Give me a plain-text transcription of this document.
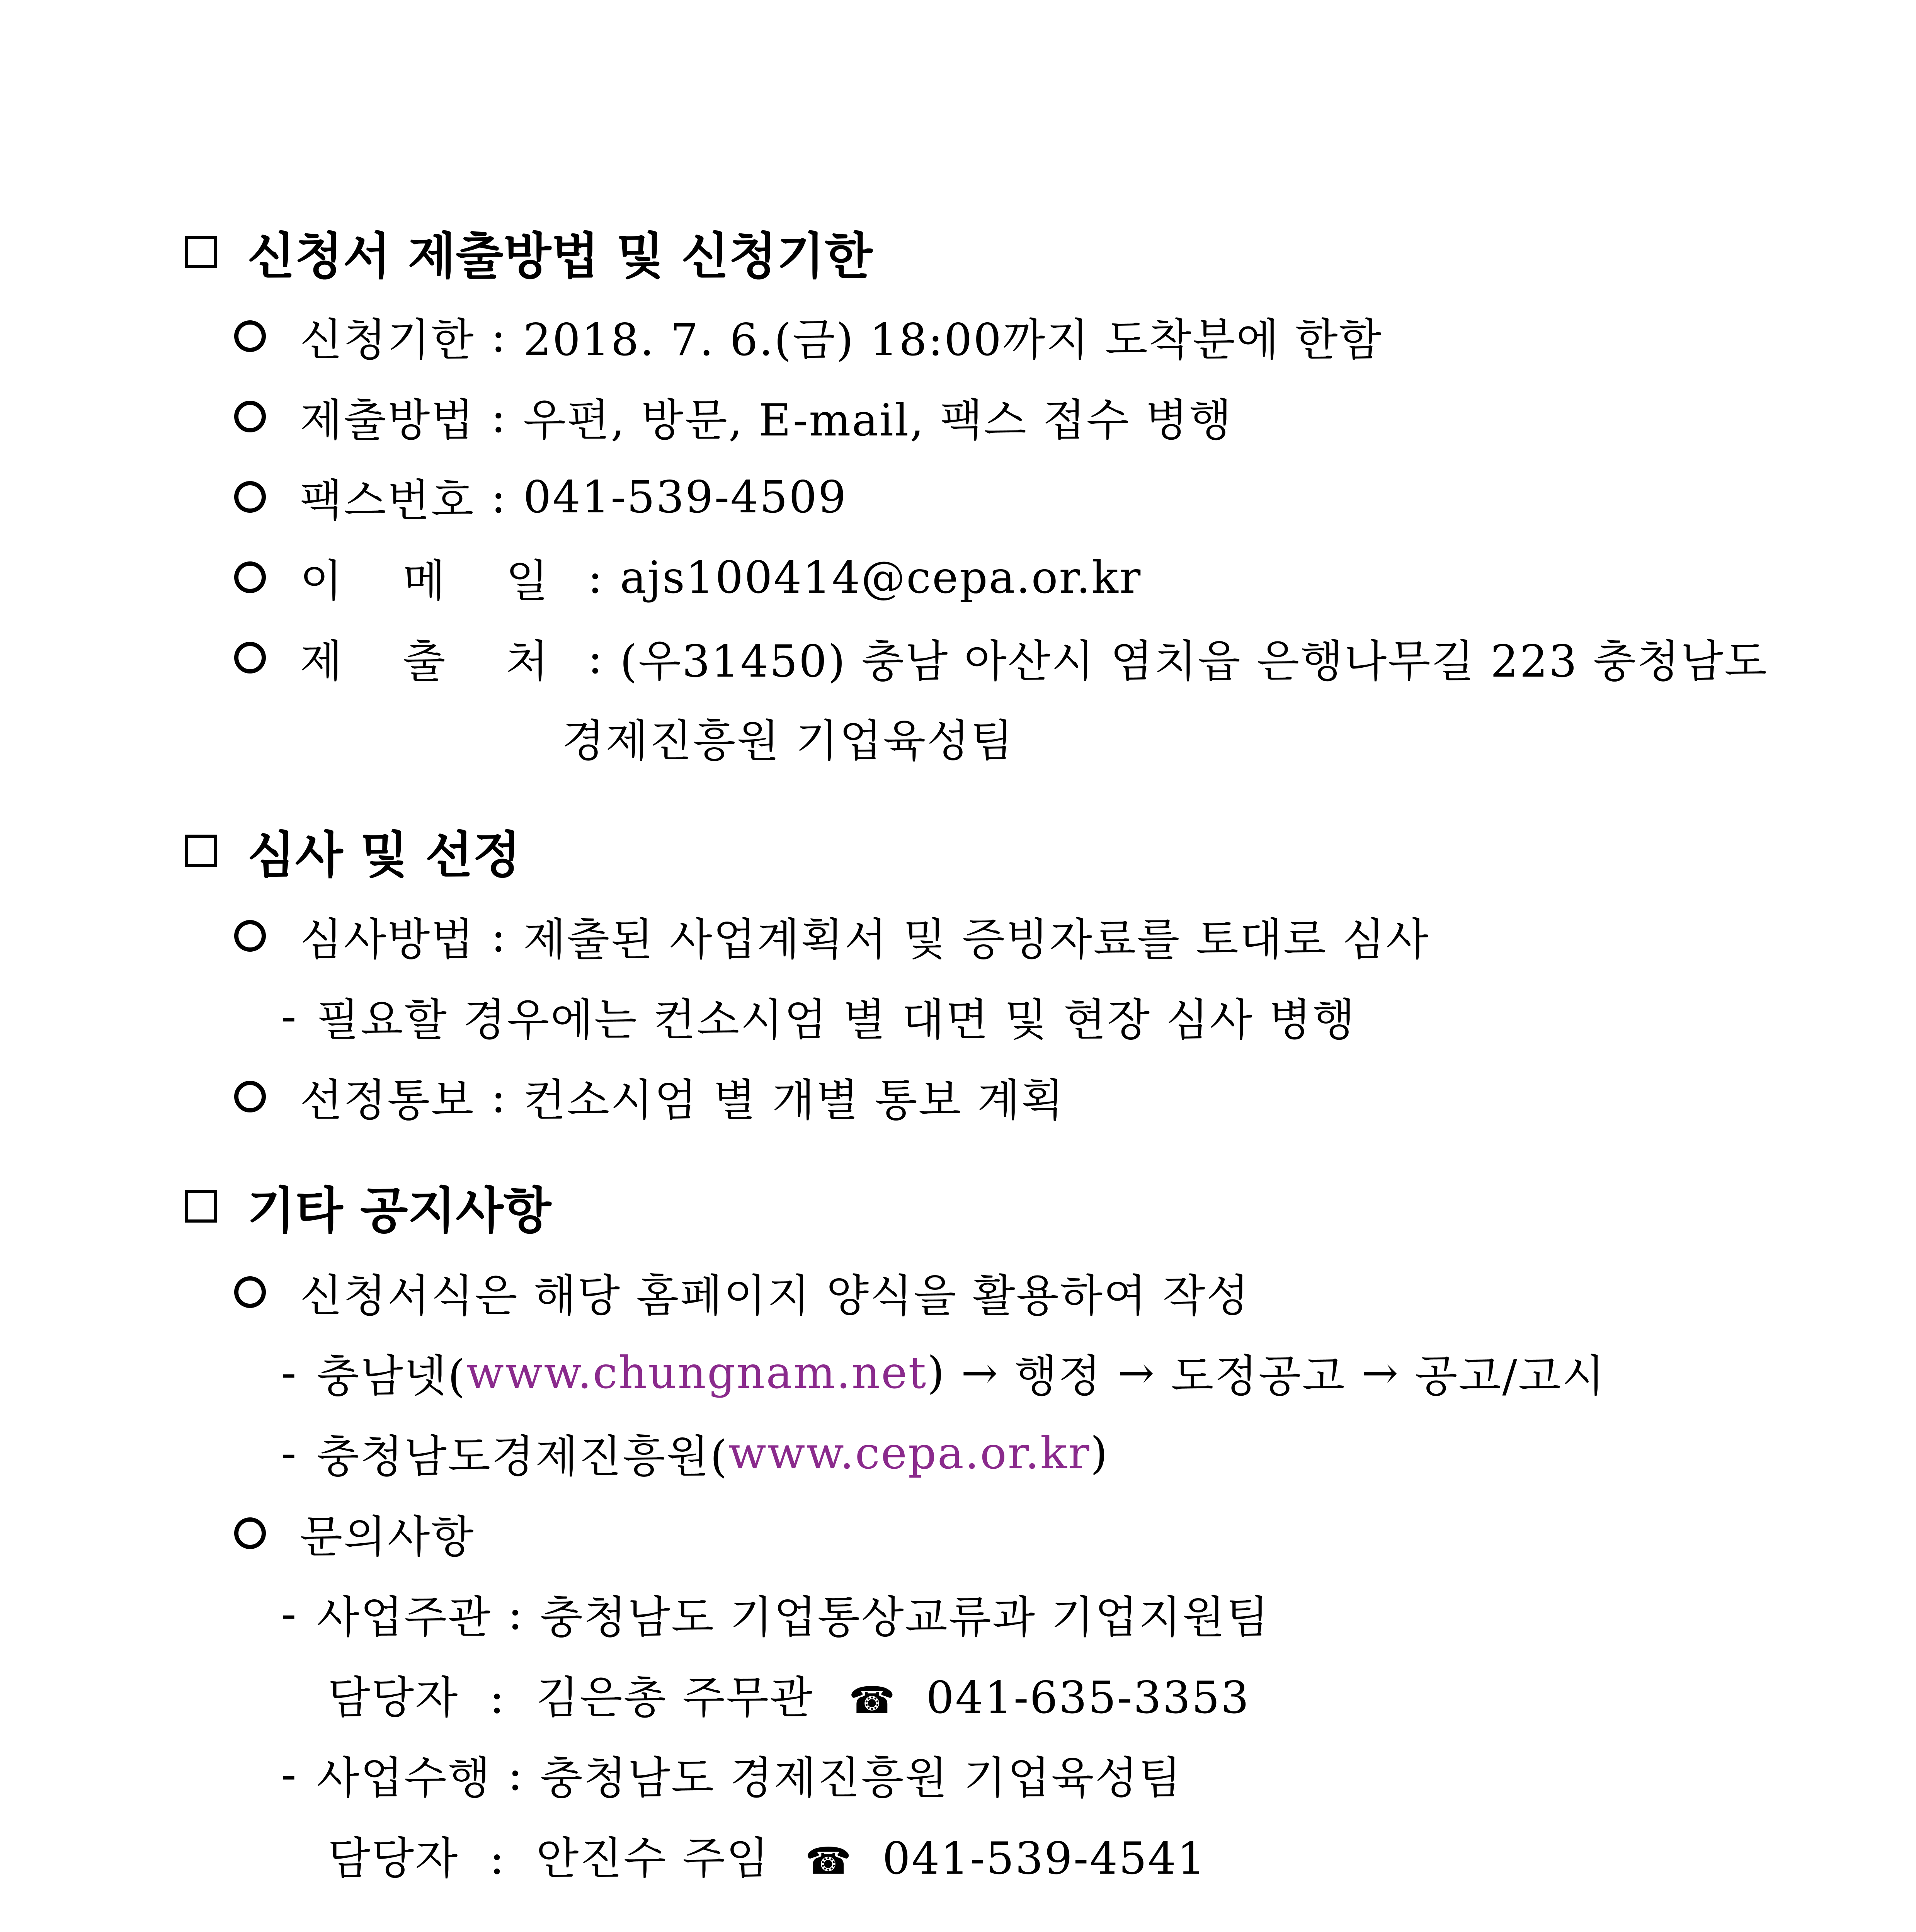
신청서 제출방법 및 신청기한
신청기한 : 2018. 7. 6.(금) 18:00까지 도착분에 한함
제출방법 : 우편, 방문, E-mail, 팩스 접수 병행
팩스번호 : 041-539-4509
이 메 일 : ajs100414@cepa.or.kr
제 출 처 : (우31450) 충남 아산시 염치읍 은행나무길 223 충청남도
경제진흥원 기업육성팀
심사 및 선정
심사방법 : 제출된 사업계획서 및 증빙자료를 토대로 심사
- 필요할 경우에는 컨소시엄 별 대면 및 현장 심사 병행
선정통보 : 컨소시엄 별 개별 통보 계획
기타 공지사항
신청서식은 해당 홈페이지 양식을 활용하여 작성
- 충남넷( www.chungnam.net ) → 행정 → 도정공고 → 공고/고시
- 충청남도경제진흥원( www.cepa.or.kr )
문의사항
- 사업주관 : 충청남도 기업통상교류과 기업지원팀
담당자 : 김은총 주무관 ☎ 041-635-3353
- 사업수행 : 충청남도 경제진흥원 기업육성팀
담당자 : 안진수 주임 ☎ 041-539-4541
